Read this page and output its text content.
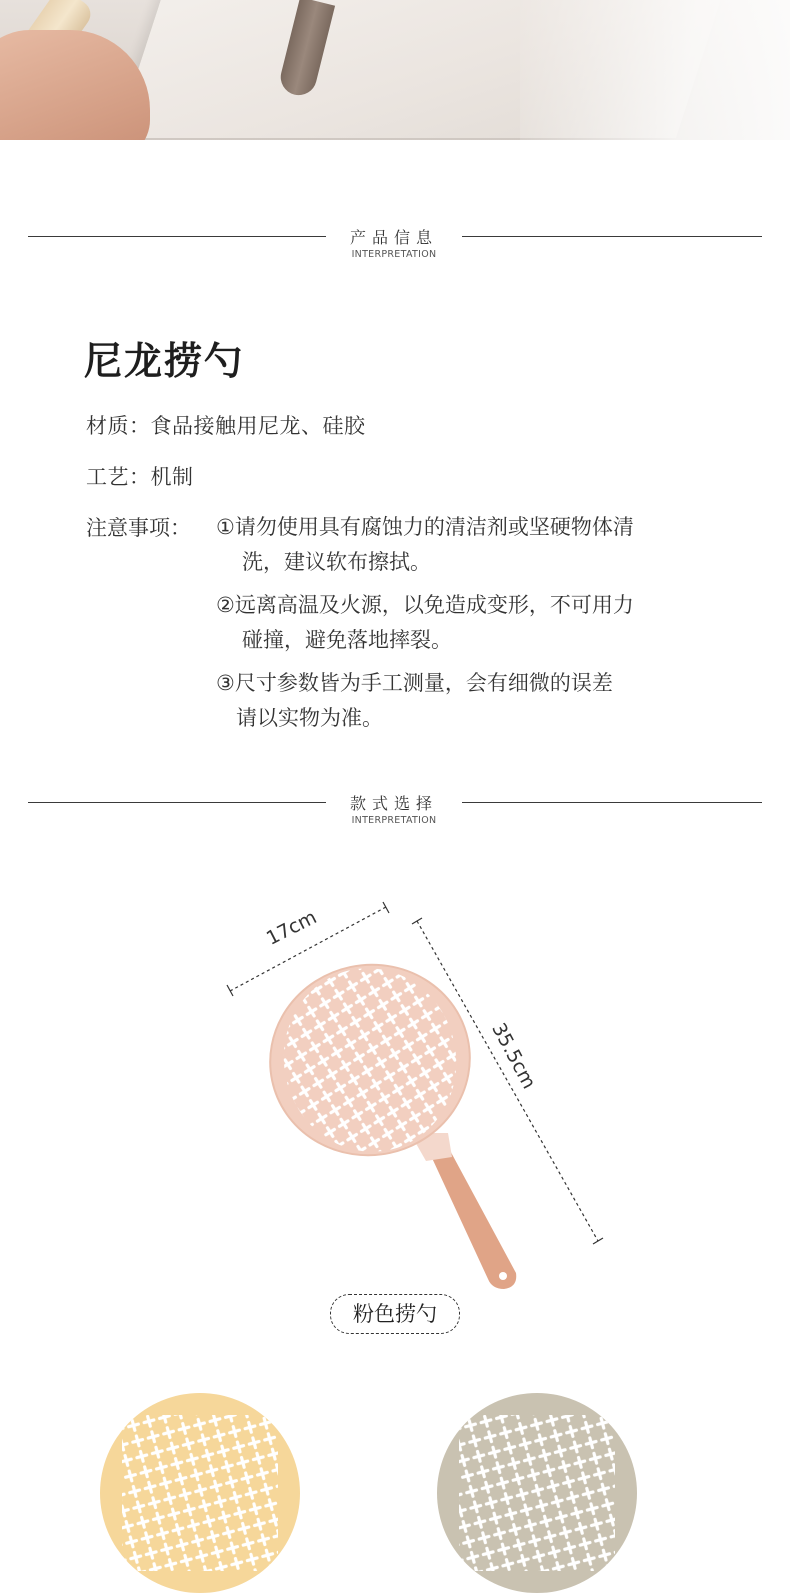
产品信息
INTERPRETATION
尼龙捞勺
材质：食品接触用尼龙、硅胶
工艺：机制
注意事项： ①请勿使用具有腐蚀力的清洁剂或坚硬物体清
洗，建议软布擦拭。
②远离高温及火源，以免造成变形，不可用力
碰撞，避免落地摔裂。
③尺寸参数皆为手工测量，会有细微的误差
请以实物为准。
款式选择
INTERPRETATION
17cm
35.5cm
粉色捞勺
